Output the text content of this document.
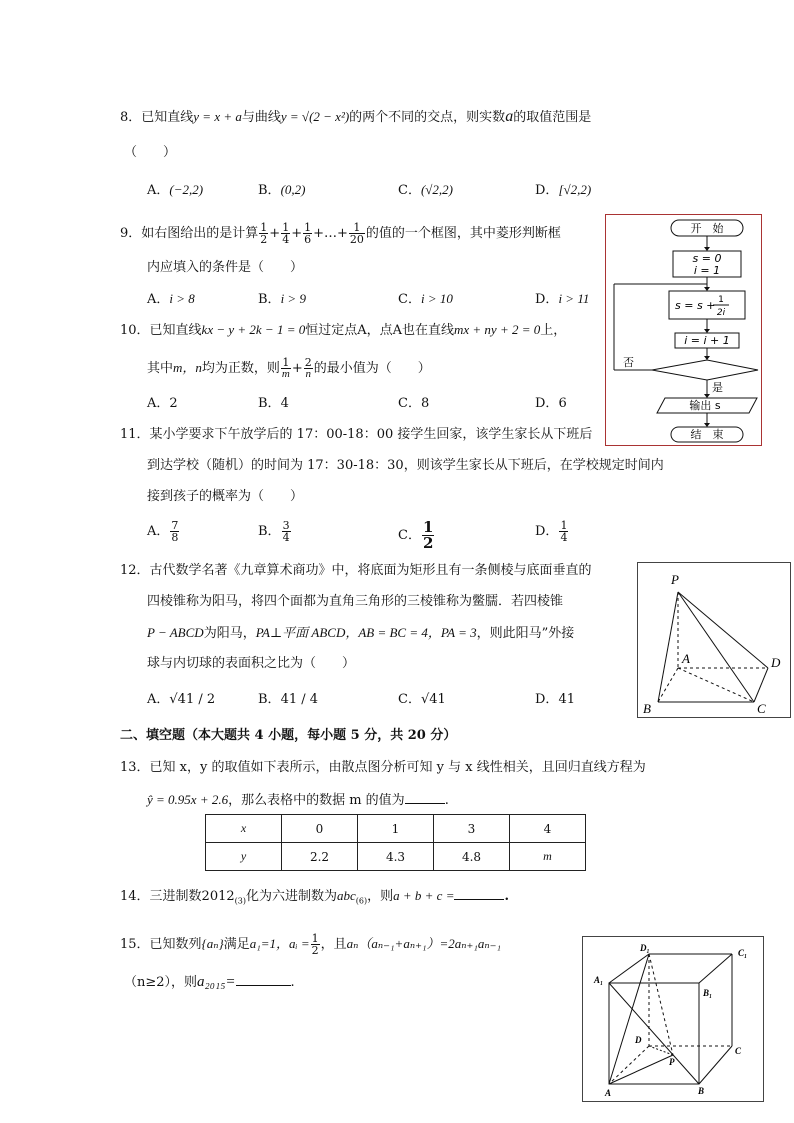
8．已知直线y = x + a与曲线y = √(2 − x²)的两个不同的交点，则实数a的取值范围是
（　　）
A．(−2,2)	B．(0,2)	C．(√2,2)	D．[√2,2)
9．如右图给出的是计算 $\frac{1}{2} + \frac{1}{4} + \frac{1}{6}$ +…+ $\frac{1}{20}$ 的值的一个框图，其中菱形判断框
内应填入的条件是（　　）
A．i > 8	B．i > 9	C．i > 10	D．i > 11
10．已知直线kx − y + 2k − 1 = 0恒过定点A，点A也在直线mx + ny + 2 = 0上，
其中m，n均为正数，则 $\frac{1}{m} + \frac{2}{n}$ 的最小值为（　　）
A．2	B．4	C．8	D．6
11．某小学要求下午放学后的 17：00-18：00 接学生回家，该学生家长从下班后
到达学校（随机）的时间为 17：30-18：30，则该学生家长从下班后，在学校规定时间内
接到孩子的概率为（　　）
A． $\frac{7}{8}$	B． $\frac{3}{4}$	C． $\frac{1}{2}$	D． $\frac{1}{4}$
12．古代数学名著《九章算术商功》中，将底面为矩形且有一条侧棱与底面垂直的
四棱锥称为阳马，将四个面都为直角三角形的三棱锥称为鳖臑．若四棱锥
P − ABCD为阳马，PA⊥平面 ABCD，AB = BC = 4，PA = 3，则此阳马”外接
球与内切球的表面积之比为（　　）
A．√41 / 2	B．41 / 4	C．√41	D．41
二、填空题（本大题共 4 小题，每小题 5 分，共 20 分）
13．已知 x，y 的取值如下表所示，由散点图分析可知 y 与 x 线性相关，且回归直线方程为
ŷ = 0.95x + 2.6，那么表格中的数据 m 的值为	.
x	0	1	3	4
y	2.2	4.3	4.8	m
14．三进制数$2012_{(3)}$化为六进制数为abc$_{(6)}$，则a + b + c =	.
15．已知数列{aₙ}满足a₁=1，aᵢ = $\frac{1}{2}$ ，且aₙ（aₙ₋₁+aₙ₊₁）=2aₙ₊₁aₙ₋₁
（n≥2），则a₂₀₁₅=	.
开　始
s = 0
i = 1
s = s + 1
2i
i = i + 1
否
是
输出 s
结　束
P
A
B	C
D
D₁	C₁
A₁
B₁
D
C
P
A	B
